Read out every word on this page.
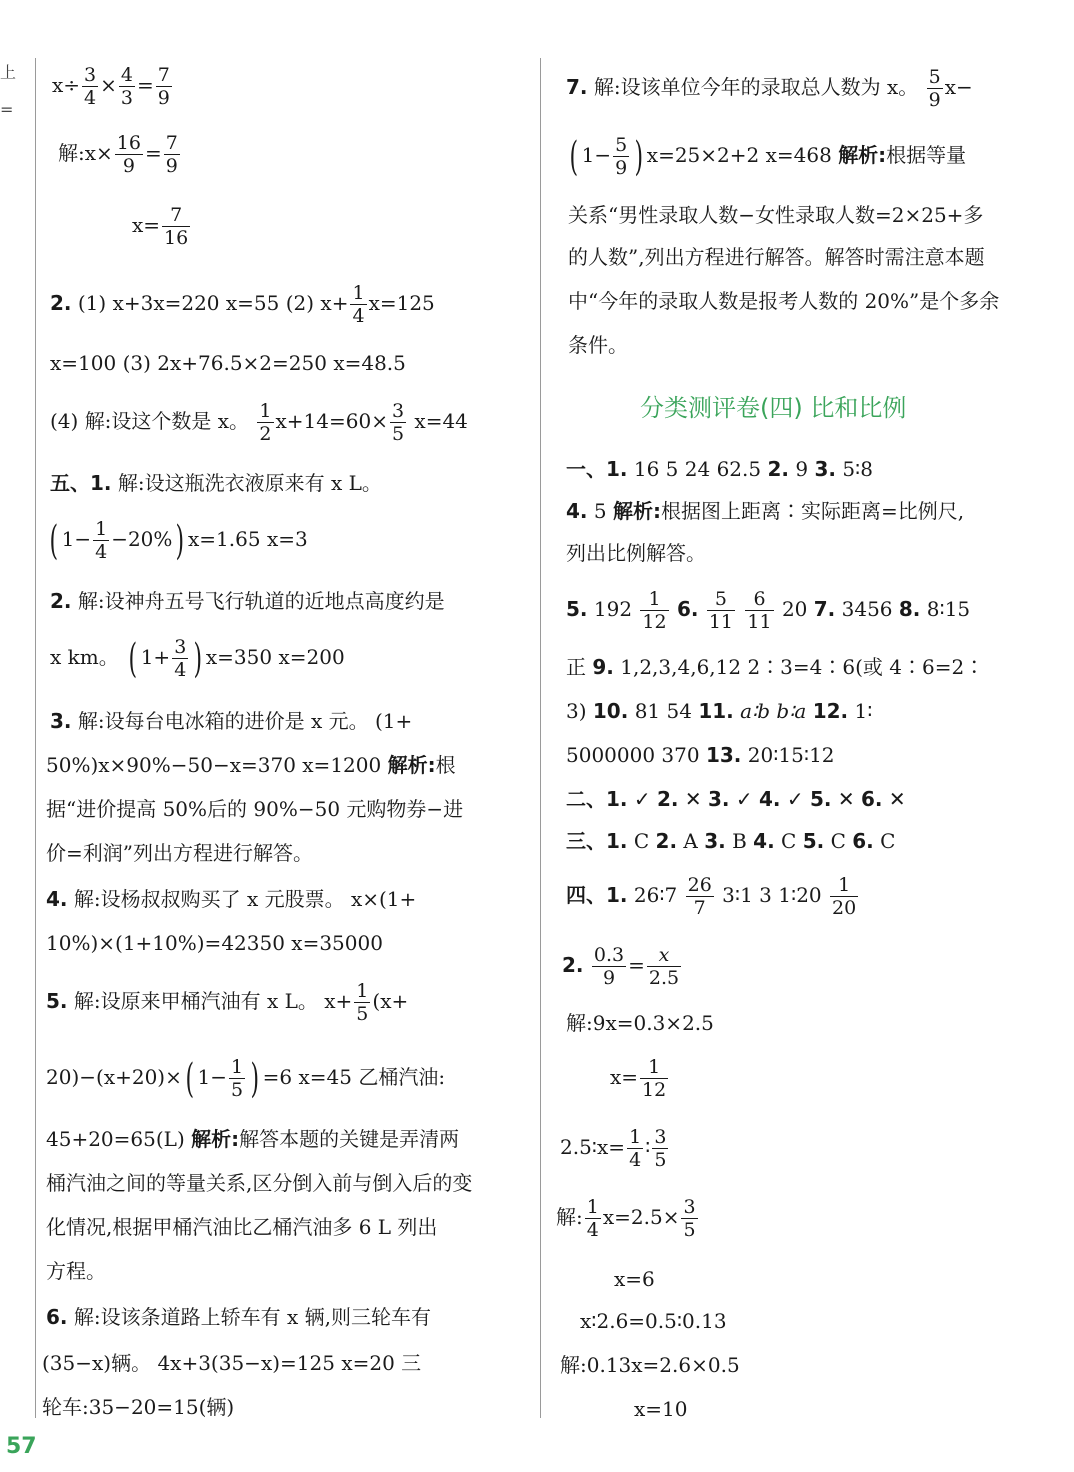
上
=
$x\div \frac{3}{4} \times \frac{4}{3} = \frac{7}{9}$
解:x× $\frac{16}{9} = \frac{7}{9}$
$x= \frac{7}{16}$
2. (1) x+3x=220 x=55 (2) $x+ \frac{1}{4} x=125$
x=100 (3) 2x+76.5×2=250 x=48.5
(4) 解:设这个数是 x。 $\frac{1}{2} x+14=60\times \frac{3}{5} x=44$
五、1. 解:设这瓶洗衣液原来有 x L。
( $1- \frac{1}{4} -20\%$) x=1.65 x=3
2. 解:设神舟五号飞行轨道的近地点高度约是
x km。 ( $1+ \frac{3}{4}$ ) x=350 x=200
3. 解:设每台电冰箱的进价是 x 元。 (1+
50%)x×90%−50−x=370 x=1200 解析:根
据“进价提高 50%后的 90%−50 元购物券−进
价=利润”列出方程进行解答。
4. 解:设杨叔叔购买了 x 元股票。 x×(1+
10%)×(1+10%)=42350 x=35000
5. 解:设原来甲桶汽油有 x L。 $x+ \frac{1}{5} (x+$
20)−(x+20)×( $1- \frac{1}{5}$ ) =6 x=45 乙桶汽油:
45+20=65(L) 解析:解答本题的关键是弄清两
桶汽油之间的等量关系,区分倒入前与倒入后的变
化情况,根据甲桶汽油比乙桶汽油多 6 L 列出
方程。
6. 解:设该条道路上轿车有 x 辆,则三轮车有
(35−x)辆。 4x+3(35−x)=125 x=20 三
轮车:35−20=15(辆)
7. 解:设该单位今年的录取总人数为 x。 $\frac{5}{9} x-$
( $1- \frac{5}{9}$ ) x=25×2+2 x=468 解析:根据等量
关系“男性录取人数−女性录取人数=2×25+多
的人数”,列出方程进行解答。解答时需注意本题
中“今年的录取人数是报考人数的 20%”是个多余
条件。
分类测评卷(四) 比和比例
一、1. 16 5 24 62.5 2. 9 3. 5∶8
4. 5 解析:根据图上距离∶实际距离=比例尺,
列出比例解答。
5. $192 \frac{1}{12} 6$. $\frac{5}{11}$
$\frac{6}{11} 20$ 7. 3456 8. 8∶15
正 9. 1,2,3,4,6,12 2∶3=4∶6(或 4∶6=2∶
3) 10. 81 54 11. a∶b b∶a 12. 1∶
5000000 370 13. 20∶15∶12
二、1. ✓ 2. ✕ 3. ✓ 4. ✓ 5. ✕ 6. ✕
三、1. C 2. A 3. B 4. C 5. C 6. C
四、1. 26∶7 $\frac{26}{7}$ 3∶1 3 1∶20 $\frac{1}{20}$
2. $\frac{0.3}{9} = \frac{x}{2.5}$
解:9x=0.3×2.5
$x= \frac{1}{12}$
2.5∶x= $\frac{1}{4}$ ∶ $\frac{3}{5}$
解: $\frac{1}{4} x=2.5\times \frac{3}{5}$
x=6
x∶2.6=0.5∶0.13
解:0.13x=2.6×0.5
x=10
57
